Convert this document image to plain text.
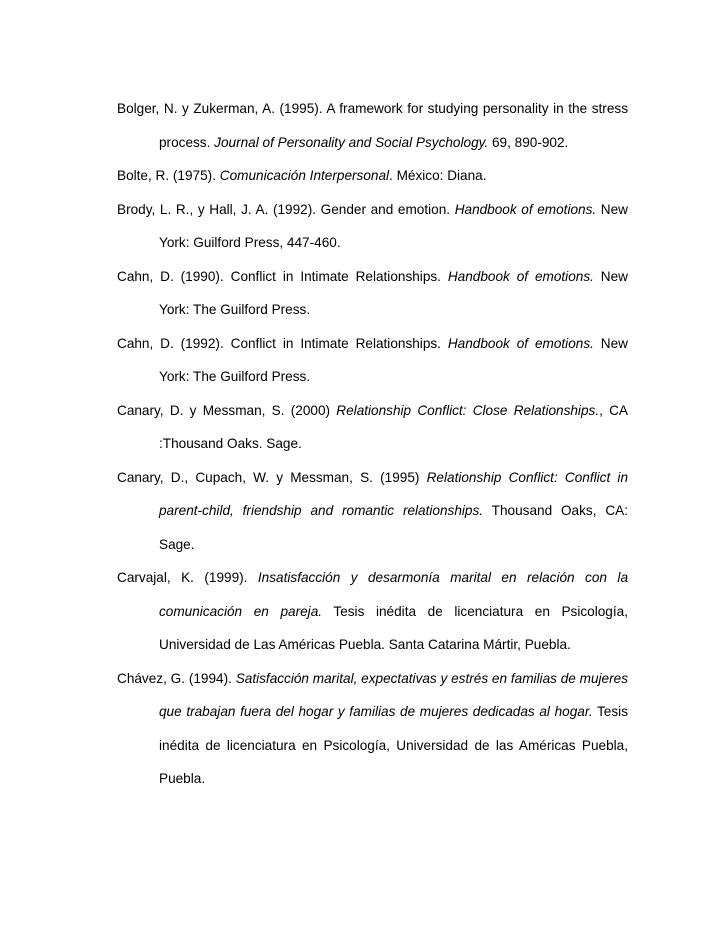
Bolger, N. y Zukerman, A. (1995). A framework for studying personality in the stress process. Journal of Personality and Social Psychology. 69, 890-902.

Bolte, R. (1975). Comunicación Interpersonal. México: Diana.

Brody, L. R., y Hall, J. A. (1992). Gender and emotion. Handbook of emotions. New York: Guilford Press, 447-460.

Cahn, D. (1990). Conflict in Intimate Relationships. Handbook of emotions. New York: The Guilford Press.

Cahn, D. (1992). Conflict in Intimate Relationships. Handbook of emotions. New York: The Guilford Press.

Canary, D. y Messman, S. (2000) Relationship Conflict: Close Relationships., CA :Thousand Oaks. Sage.

Canary, D., Cupach, W. y Messman, S. (1995) Relationship Conflict: Conflict in parent-child, friendship and romantic relationships. Thousand Oaks, CA: Sage.

Carvajal, K. (1999). Insatisfacción y desarmonía marital en relación con la comunicación en pareja. Tesis inédita de licenciatura en Psicología, Universidad de Las Américas Puebla. Santa Catarina Mártir, Puebla.

Chávez, G. (1994). Satisfacción marital, expectativas y estrés en familias de mujeres que trabajan fuera del hogar y familias de mujeres dedicadas al hogar. Tesis inédita de licenciatura en Psicología, Universidad de las Américas Puebla, Puebla.
